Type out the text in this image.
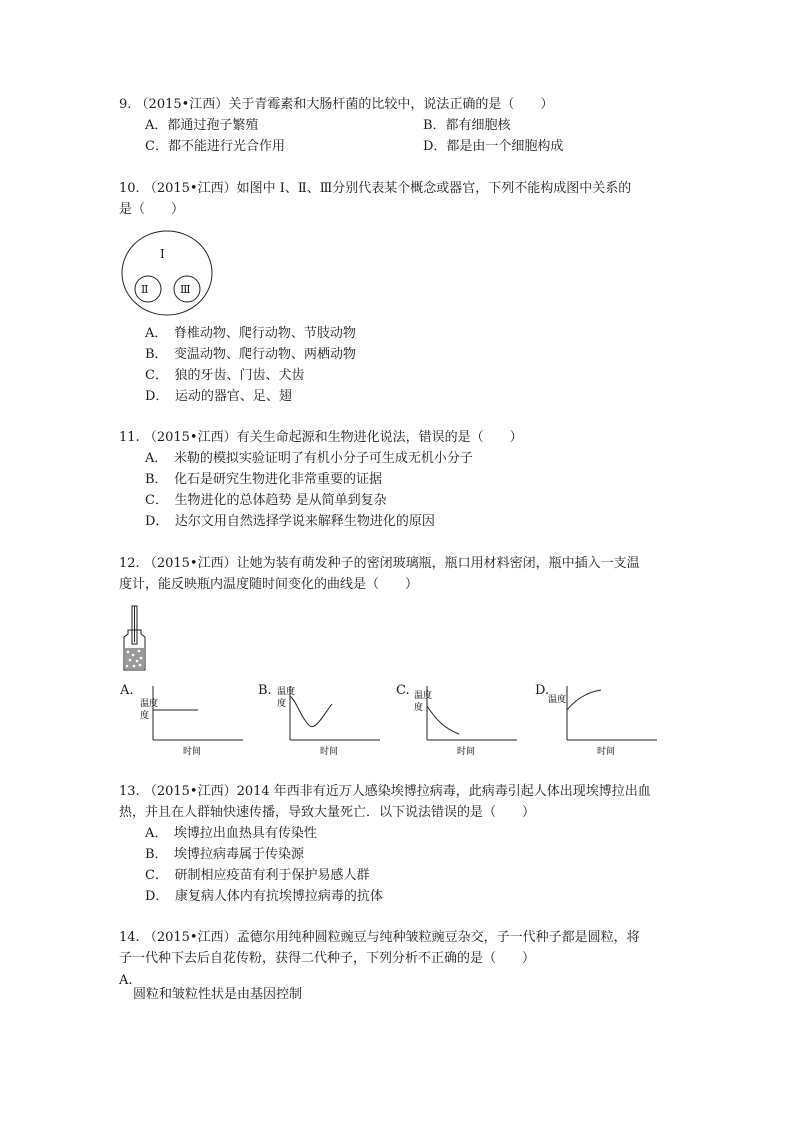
9. （2015•江西）关于青霉素和大肠杆菌的比较中，说法正确的是（　　）
A．都通过孢子繁殖	B．都有细胞核
C．都不能进行光合作用	D．都是由一个细胞构成
10. （2015•江西）如图中 Ⅰ、Ⅱ、Ⅲ分别代表某个概念或器官，下列不能构成图中关系的
是（　　）
Ⅰ
Ⅱ	Ⅲ
A．　脊椎动物、爬行动物、节肢动物
B．　变温动物、爬行动物、两栖动物
C．　狼的牙齿、门齿、犬齿
D．　运动的器官、足、翅
11. （2015•江西）有关生命起源和生物进化说法，错误的是（　　）
A．　米勒的模拟实验证明了有机小分子可生成无机小分子
B．　化石是研究生物进化非常重要的证据
C．　生物进化的总体趋势 是从简单到复杂
D．　达尔文用自然选择学说来解释生物进化的原因
12. （2015•江西）让她为装有萌发种子的密闭玻璃瓶，瓶口用材料密闭，瓶中插入一支温
度计，能反映瓶内温度随时间变化的曲线是（　　）
A.
温度
度
时间
B. 温度
度
时间
C. 温度
度
时间
D.
温度
时间
13. （2015•江西）2014 年西非有近万人感染埃博拉病毒，此病毒引起人体出现埃博拉出血
热，并且在人群轴快速传播，导致大量死亡．以下说法错误的是（　　）
A．　埃博拉出血热具有传染性
B．　埃博拉病毒属于传染源
C．　研制相应疫苗有利于保护易感人群
D．　康复病人体内有抗埃博拉病毒的抗体
14. （2015•江西）孟德尔用纯种圆粒豌豆与纯种皱粒豌豆杂交，子一代种子都是圆粒，将
子一代种下去后自花传粉，获得二代种子，下列分析不正确的是（　　）
A.
圆粒和皱粒性状是由基因控制
